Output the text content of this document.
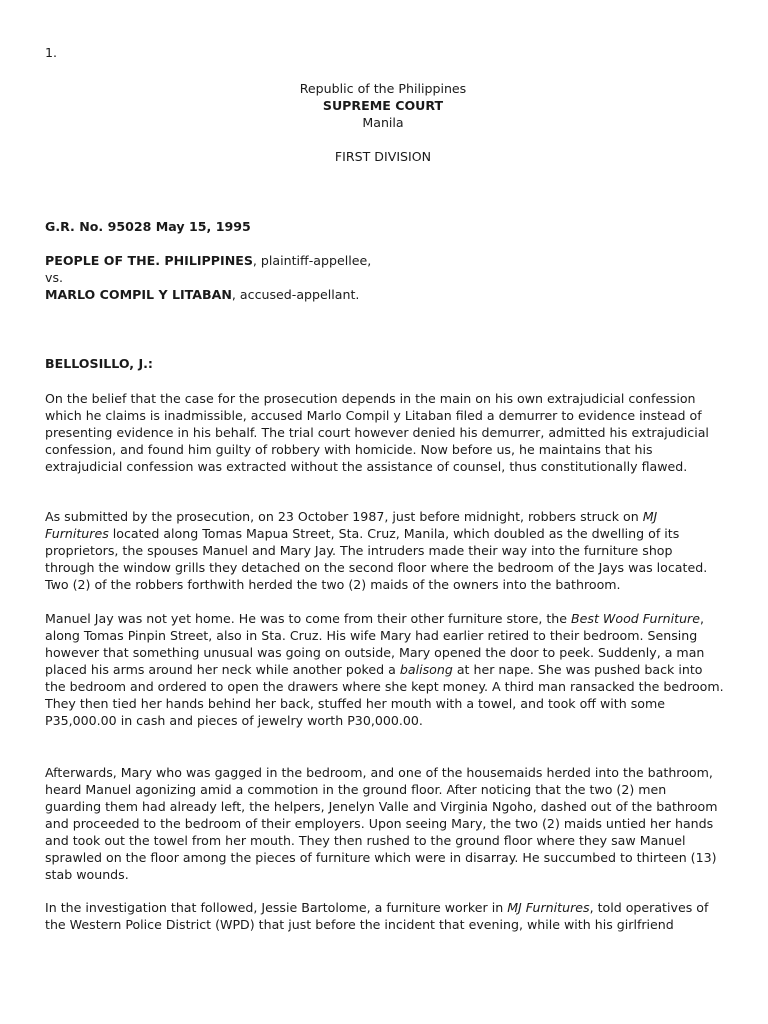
1.
Republic of the Philippines
SUPREME COURT
Manila
FIRST DIVISION
G.R. No. 95028 May 15, 1995
PEOPLE OF THE. PHILIPPINES, plaintiff-appellee,
vs.
MARLO COMPIL Y LITABAN, accused-appellant.
BELLOSILLO, J.:

On the belief that the case for the prosecution depends in the main on his own extrajudicial confession which he claims is inadmissible, accused Marlo Compil y Litaban filed a demurrer to evidence instead of presenting evidence in his behalf. The trial court however denied his demurrer, admitted his extrajudicial confession, and found him guilty of robbery with homicide. Now before us, he maintains that his extrajudicial confession was extracted without the assistance of counsel, thus constitutionally flawed.

As submitted by the prosecution, on 23 October 1987, just before midnight, robbers struck on MJ Furnitures located along Tomas Mapua Street, Sta. Cruz, Manila, which doubled as the dwelling of its proprietors, the spouses Manuel and Mary Jay. The intruders made their way into the furniture shop through the window grills they detached on the second floor where the bedroom of the Jays was located. Two (2) of the robbers forthwith herded the two (2) maids of the owners into the bathroom.

Manuel Jay was not yet home. He was to come from their other furniture store, the Best Wood Furniture, along Tomas Pinpin Street, also in Sta. Cruz. His wife Mary had earlier retired to their bedroom. Sensing however that something unusual was going on outside, Mary opened the door to peek. Suddenly, a man placed his arms around her neck while another poked a balisong at her nape. She was pushed back into the bedroom and ordered to open the drawers where she kept money. A third man ransacked the bedroom. They then tied her hands behind her back, stuffed her mouth with a towel, and took off with some P35,000.00 in cash and pieces of jewelry worth P30,000.00.

Afterwards, Mary who was gagged in the bedroom, and one of the housemaids herded into the bathroom, heard Manuel agonizing amid a commotion in the ground floor. After noticing that the two (2) men guarding them had already left, the helpers, Jenelyn Valle and Virginia Ngoho, dashed out of the bathroom and proceeded to the bedroom of their employers. Upon seeing Mary, the two (2) maids untied her hands and took out the towel from her mouth. They then rushed to the ground floor where they saw Manuel sprawled on the floor among the pieces of furniture which were in disarray. He succumbed to thirteen (13) stab wounds.

In the investigation that followed, Jessie Bartolome, a furniture worker in MJ Furnitures, told operatives of the Western Police District (WPD) that just before the incident that evening, while with his girlfriend
